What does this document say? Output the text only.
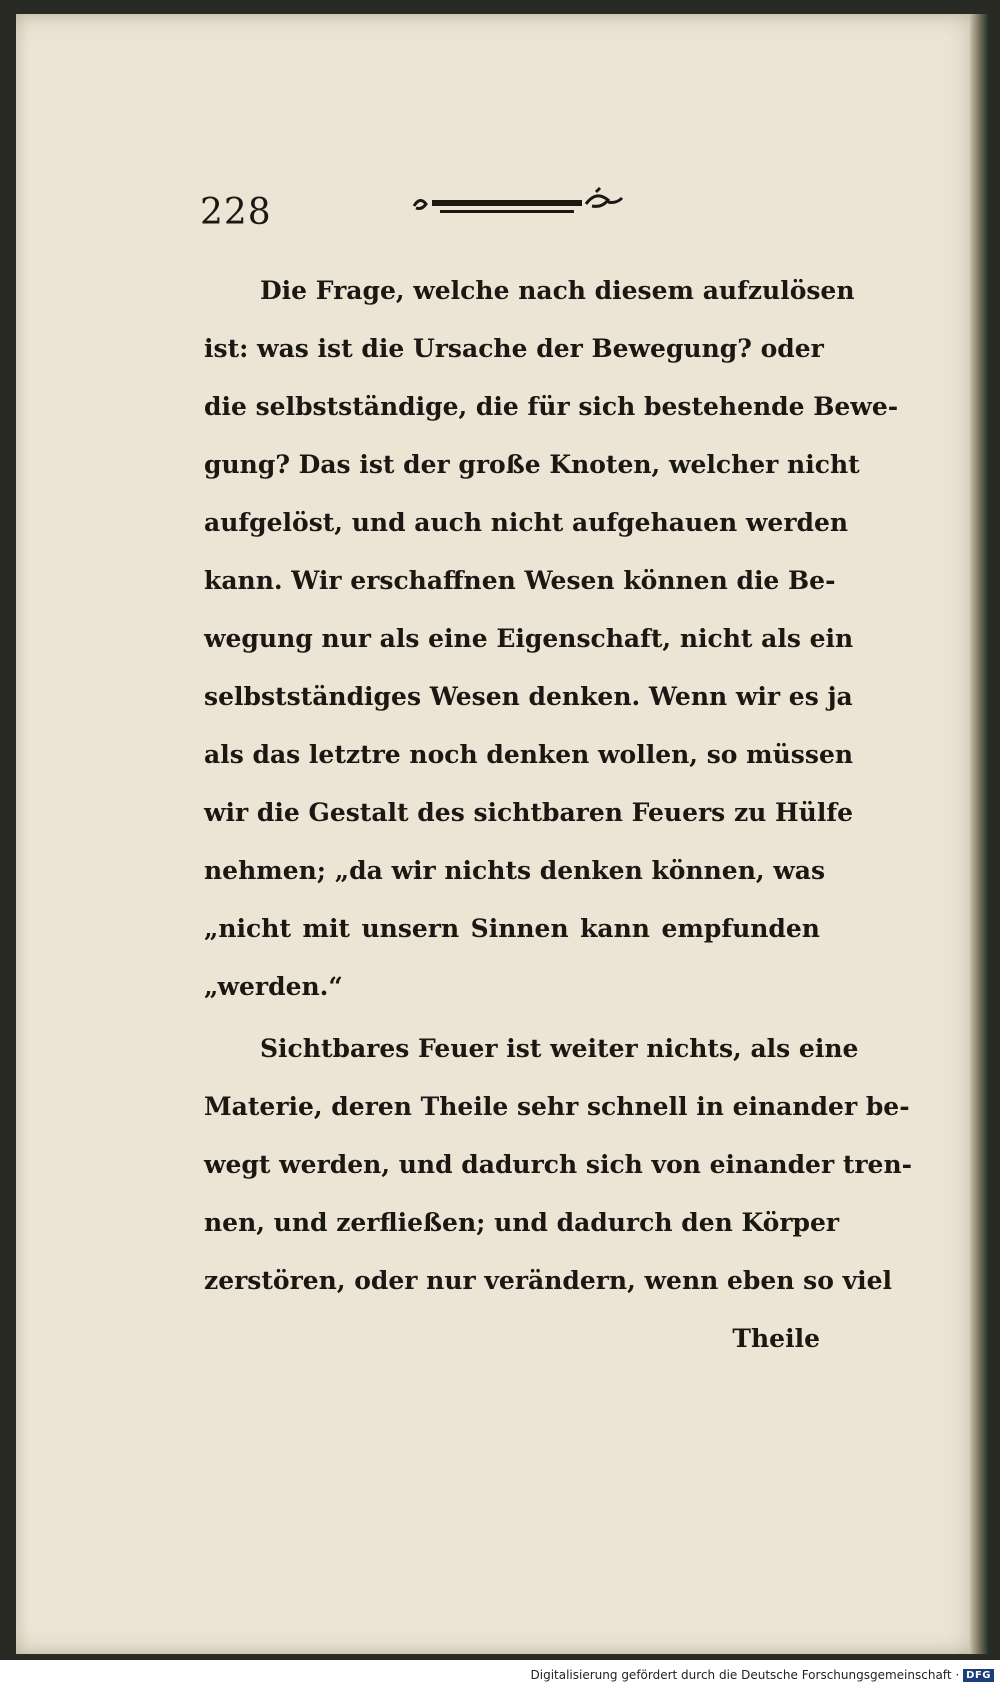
228
Die Frage, welche nach diesem aufzulösen
ist: was ist die Ursache der Bewegung? oder
die selbstständige, die für sich bestehende Bewe-
gung? Das ist der große Knoten, welcher nicht
aufgelöst, und auch nicht aufgehauen werden
kann. Wir erschaffnen Wesen können die Be-
wegung nur als eine Eigenschaft, nicht als ein
selbstständiges Wesen denken. Wenn wir es ja
als das letztre noch denken wollen, so müssen
wir die Gestalt des sichtbaren Feuers zu Hülfe
nehmen; „da wir nichts denken können, was
„nicht mit unsern Sinnen kann empfunden
„werden.“
Sichtbares Feuer ist weiter nichts, als eine
Materie, deren Theile sehr schnell in einander be-
wegt werden, und dadurch sich von einander tren-
nen, und zerfließen; und dadurch den Körper
zerstören, oder nur verändern, wenn eben so viel
Theile
Digitalisierung gefördert durch die Deutsche Forschungsgemeinschaft · DFG
